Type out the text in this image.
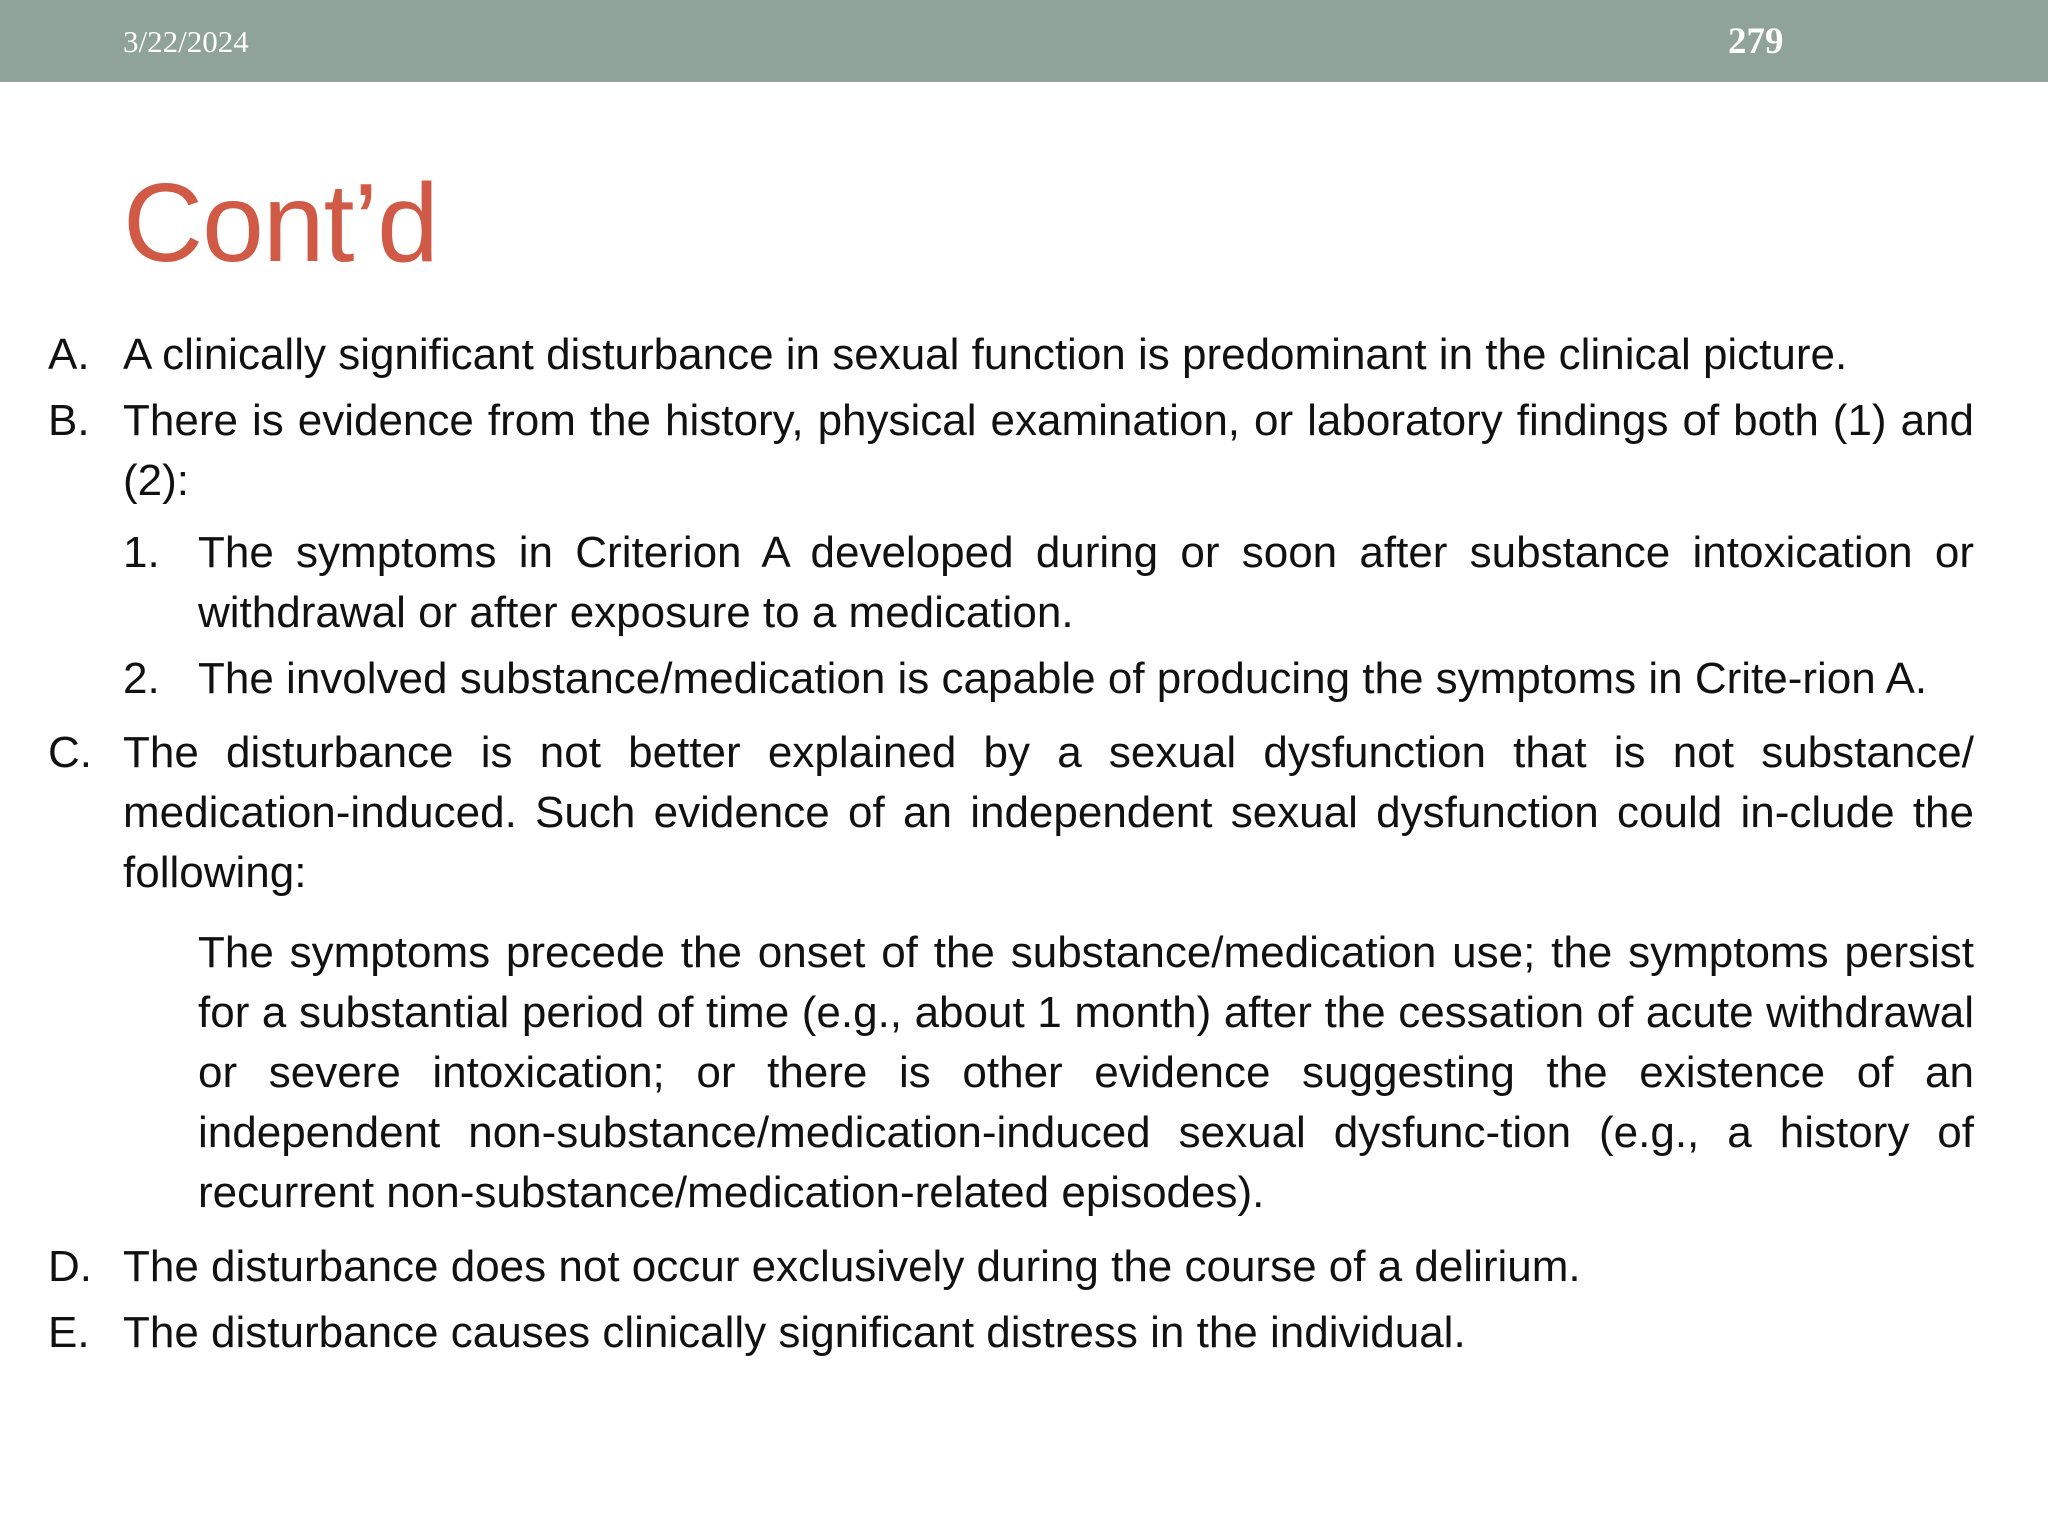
3/22/2024	279
Cont’d
A. A clinically significant disturbance in sexual function is predominant in the clinical picture.
B. There is evidence from the history, physical examination, or laboratory findings of both (1) and (2):
1. The symptoms in Criterion A developed during or soon after substance intoxication or withdrawal or after exposure to a medication.
2. The involved substance/medication is capable of producing the symptoms in Crite-rion A.
C. The disturbance is not better explained by a sexual dysfunction that is not substance/ medication-induced. Such evidence of an independent sexual dysfunction could in-clude the following:
The symptoms precede the onset of the substance/medication use; the symptoms persist for a substantial period of time (e.g., about 1 month) after the cessation of acute withdrawal or severe intoxication; or there is other evidence suggesting the existence of an independent non-substance/medication-induced sexual dysfunc-tion (e.g., a history of recurrent non-substance/medication-related episodes).
D. The disturbance does not occur exclusively during the course of a delirium.
E. The disturbance causes clinically significant distress in the individual.
